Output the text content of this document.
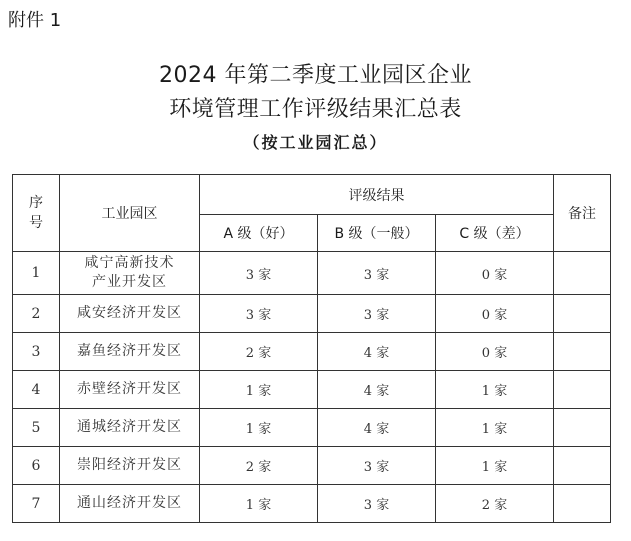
附件 1
2024 年第二季度工业园区企业
环境管理工作评级结果汇总表
（按工业园汇总）
序号	工业园区	评级结果			备注
		A 级（好）	B 级（一般）	C 级（差）	
1	咸宁高新技术产业开发区	3 家	3 家	0 家	
2	咸安经济开发区	3 家	3 家	0 家	
3	嘉鱼经济开发区	2 家	4 家	0 家	
4	赤壁经济开发区	1 家	4 家	1 家	
5	通城经济开发区	1 家	4 家	1 家	
6	崇阳经济开发区	2 家	3 家	1 家	
7	通山经济开发区	1 家	3 家	2 家	
